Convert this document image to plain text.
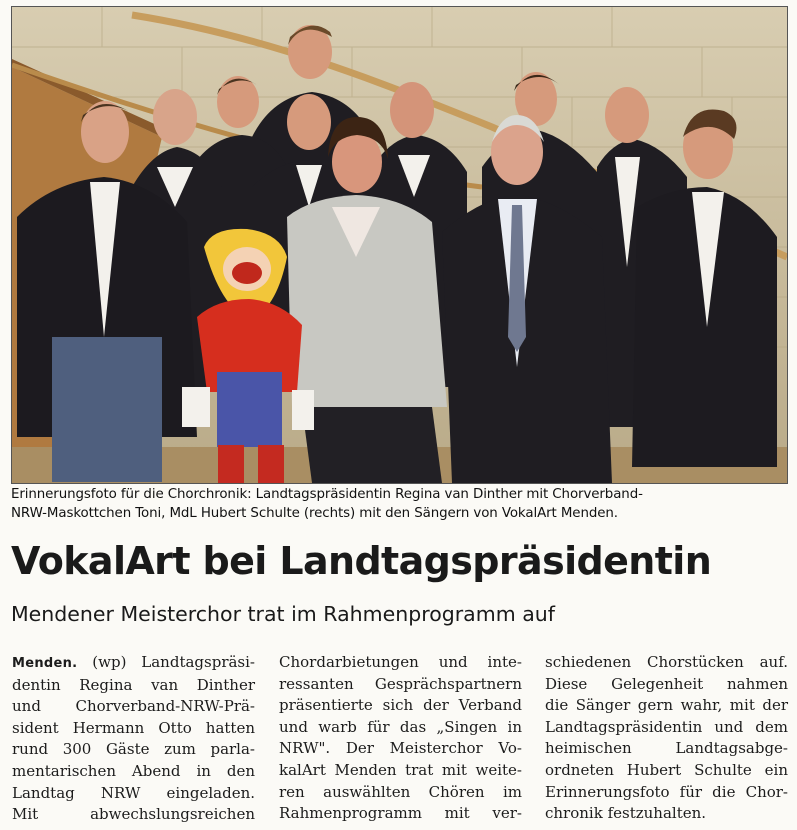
Erinnerungsfoto für die Chorchronik: Landtagspräsidentin Regina van Dinther mit Chorverband-
NRW-Maskottchen Toni, MdL Hubert Schulte (rechts) mit den Sängern von VokalArt Menden.
VokalArt bei Landtagspräsidentin
Mendener Meisterchor trat im Rahmenprogramm auf
Menden. (wp) Landtagspräsi-
dentin Regina van Dinther
und Chorverband-NRW-Prä-
sident Hermann Otto hatten
rund 300 Gäste zum parla-
mentarischen Abend in den
Landtag NRW eingeladen.
Mit abwechslungsreichen
Chordarbietungen und inte-
ressanten Gesprächspartnern
präsentierte sich der Verband
und warb für das „Singen in
NRW". Der Meisterchor Vo-
kalArt Menden trat mit weite-
ren auswählten Chören im
Rahmenprogramm mit ver-
schiedenen Chorstücken auf.
Diese Gelegenheit nahmen
die Sänger gern wahr, mit der
Landtagspräsidentin und dem
heimischen Landtagsabge-
ordneten Hubert Schulte ein
Erinnerungsfoto für die Chor-
chronik festzuhalten.
